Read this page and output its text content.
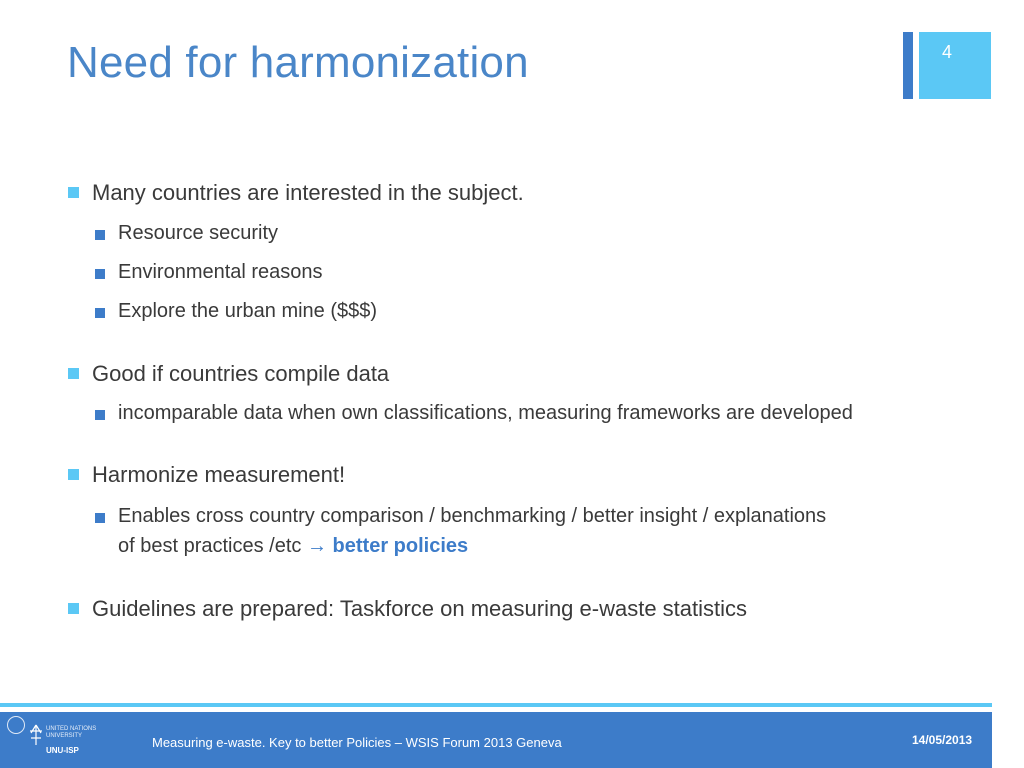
Need for harmonization	4
Many countries are interested in the subject.
Resource security
Environmental reasons
Explore the urban mine ($$$)
Good if countries compile data
incomparable data when own classifications, measuring frameworks are developed
Harmonize measurement!
Enables cross country comparison / benchmarking / better insight / explanations
of best practices /etc → better policies
Guidelines are prepared: Taskforce on measuring e-waste statistics
UNITED NATIONS
UNIVERSITY
UNU-ISP
Measuring e-waste. Key to better Policies – WSIS Forum 2013 Geneva	14/05/2013
